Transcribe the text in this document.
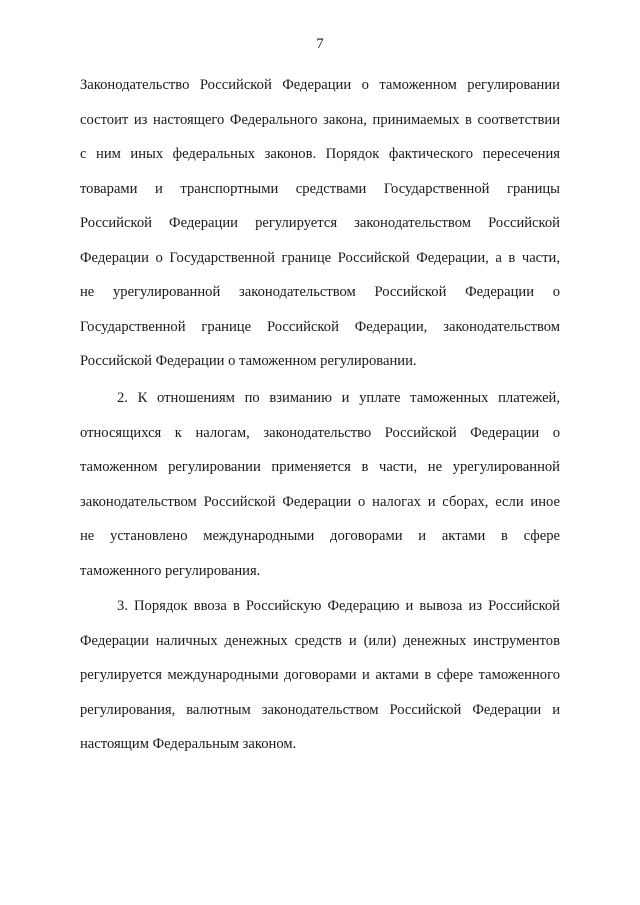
7
Законодательство Российской Федерации о таможенном регулировании
состоит из настоящего Федерального закона, принимаемых в соответствии
с ним иных федеральных законов. Порядок фактического пересечения
товарами и транспортными средствами Государственной границы
Российской Федерации регулируется законодательством Российской
Федерации о Государственной границе Российской Федерации, а в части,
не урегулированной законодательством Российской Федерации о
Государственной границе Российской Федерации, законодательством
Российской Федерации о таможенном регулировании.
2. К отношениям по взиманию и уплате таможенных платежей,
относящихся к налогам, законодательство Российской Федерации о
таможенном регулировании применяется в части, не урегулированной
законодательством Российской Федерации о налогах и сборах, если иное
не установлено международными договорами и актами в сфере
таможенного регулирования.
3. Порядок ввоза в Российскую Федерацию и вывоза из Российской
Федерации наличных денежных средств и (или) денежных инструментов
регулируется международными договорами и актами в сфере таможенного
регулирования, валютным законодательством Российской Федерации и
настоящим Федеральным законом.
